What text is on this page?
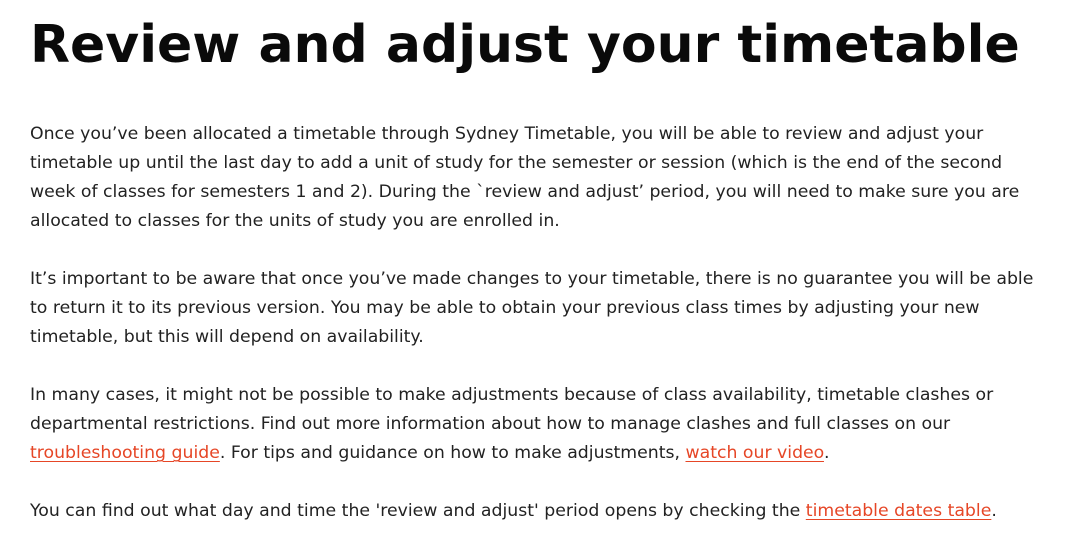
Review and adjust your timetable

Once you’ve been allocated a timetable through Sydney Timetable, you will be able to review and adjust your timetable up until the last day to add a unit of study for the semester or session (which is the end of the second week of classes for semesters 1 and 2). During the `review and adjust’ period, you will need to make sure you are allocated to classes for the units of study you are enrolled in.

It’s important to be aware that once you’ve made changes to your timetable, there is no guarantee you will be able to return it to its previous version. You may be able to obtain your previous class times by adjusting your new timetable, but this will depend on availability.

In many cases, it might not be possible to make adjustments because of class availability, timetable clashes or departmental restrictions. Find out more information about how to manage clashes and full classes on our troubleshooting guide. For tips and guidance on how to make adjustments, watch our video.

You can find out what day and time the 'review and adjust' period opens by checking the timetable dates table.
